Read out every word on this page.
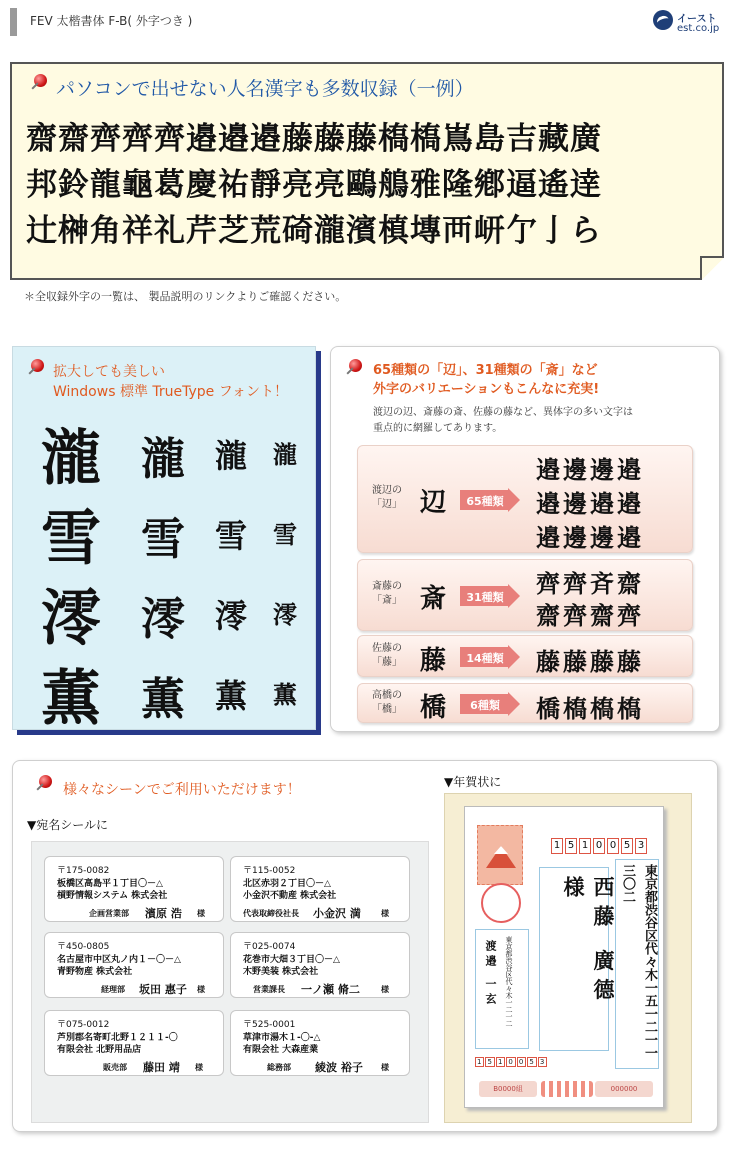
FEV 太楷書体 F-B( 外字つき )	イースト
est.co.jp
パソコンで出せない人名漢字も多数収録（一例）
齋齋齊齊齊邉邉邉藤藤藤槗槗嶌島吉藏廣
邦鈴龍龜葛慶祐靜亮亮鷗鵃雅隆鄕逼遙逹
辻榊角祥礼芹芝荒碕瀧濱槙塼襾岍亇亅ら
＊全収録外字の一覧は、 製品説明のリンクよりご確認ください。
拡大しても美しい
Windows 標準 TrueType フォント！
瀧 瀧 瀧 瀧
雪 雪 雪 雪
澪 澪 澪 澪
薫 薫 薫 薫
65種類の「辺」、31種類の「斎」など
外字のバリエーションもこんなに充実!
渡辺の辺、斎藤の斎、佐藤の藤など、異体字の多い文字は
重点的に網羅してあります。
渡辺の
「辺」 辺	65種類
邉邊邊邉
邉邊邉邉
邉邊邊邉
斎藤の
「斎」 斎	31種類 齊齊斉齋
齋齊齋齊
佐藤の
「藤」 藤	14種類 藤藤藤藤
高橋の
「橋」 橋	6種類	橋槗槗槗
様々なシーンでご利用いただけます！
▼宛名シールに
〒175-0082
板橋区高島平１丁目〇－△
槓野情報システム 株式会社
企画営業部 濱原 浩 様
〒115-0052
北区赤羽２丁目〇－△
小金沢不動産 株式会社
代表取締役社長 小金沢 満	様
〒450-0805
名古屋市中区丸ノ内１－〇－△
青野物産 株式会社
経理部 坂田 惠子 様
〒025-0074
花巻市大畑３丁目〇－△
木野美装 株式会社
営業課長 一ノ瀬 脩二	様
〒075-0012
芦別郡名寄町北野１２１１-〇
有限会社 北野用品店
販売部 藤田 靖 様
〒525-0001
草津市湯木１-〇-△
有限会社 大森産業
総務部 綾波 裕子 様
▼年賀状に
1 5 1 0 0 5 3
東京都渋谷区代々木一五一二一一三〇二
西藤 廣德 様
渡邉 一玄 東京都渋谷区代々木一二一二
1 5 1 0 0 5 3
B0000組	000000
